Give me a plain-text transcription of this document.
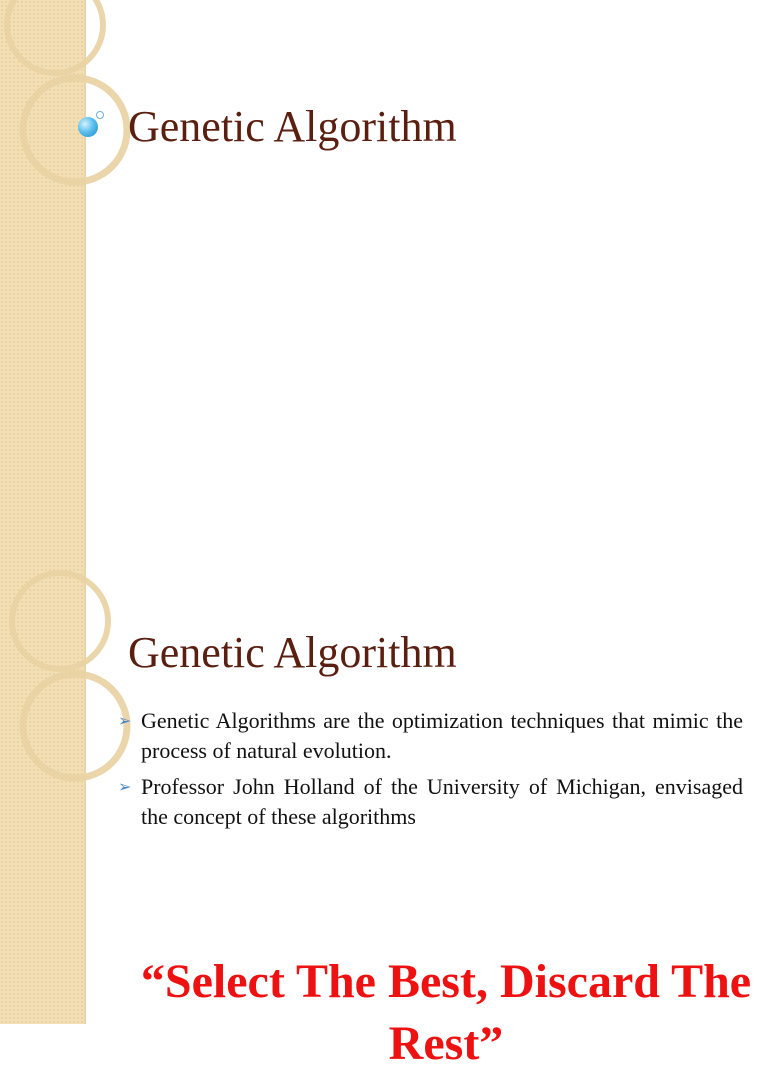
Genetic Algorithm
Genetic Algorithm
➢ Genetic Algorithms are the optimization techniques that mimic the process of natural evolution.
➢ Professor John Holland of the University of Michigan, envisaged the concept of these algorithms
“Select The Best, Discard The Rest”
